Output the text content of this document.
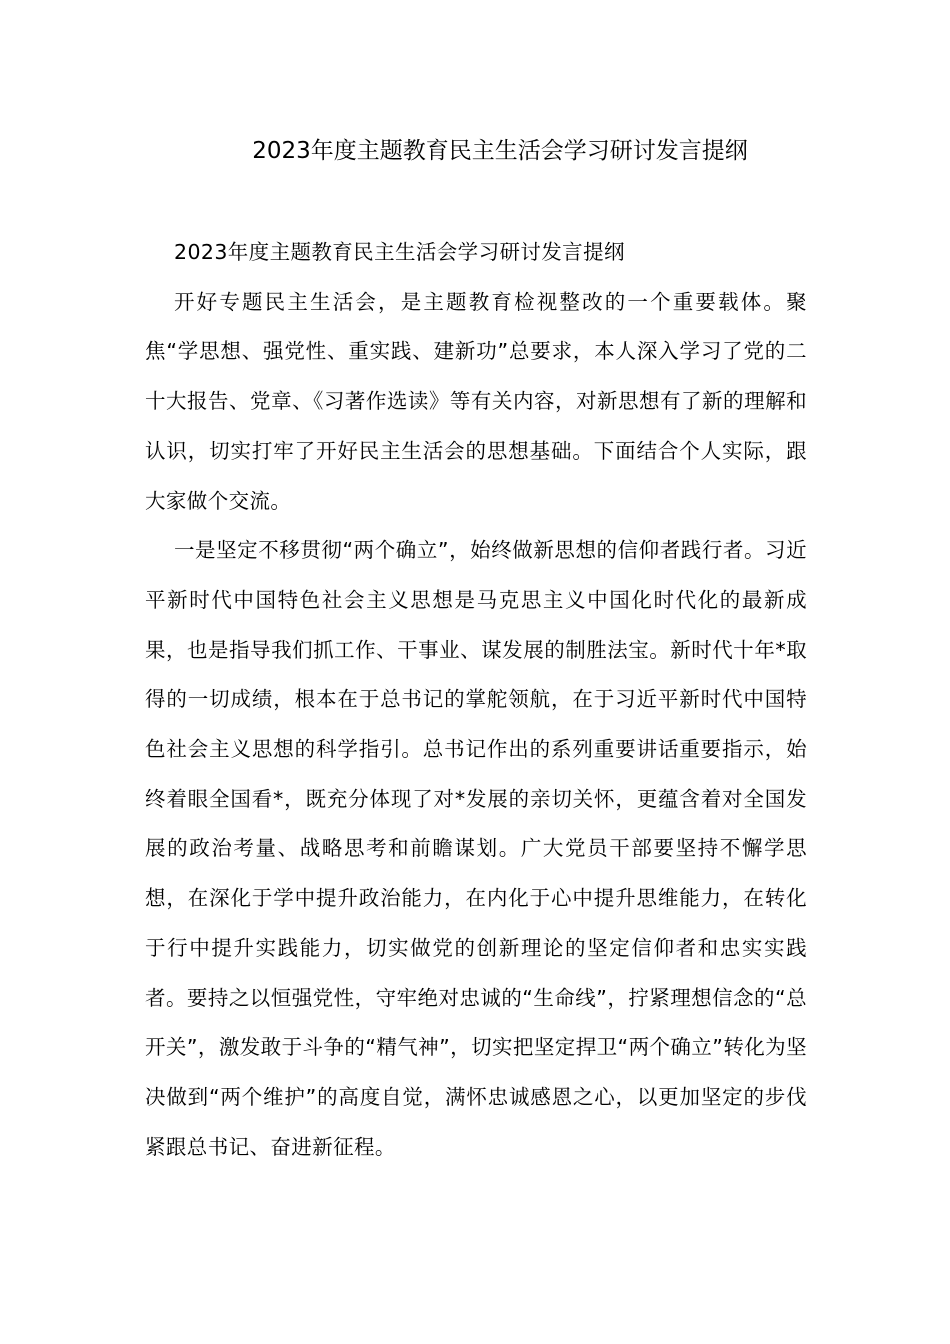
2023年度主题教育民主生活会学习研讨发言提纲

2023年度主题教育民主生活会学习研讨发言提纲

开好专题民主生活会，是主题教育检视整改的一个重要载体。聚焦“学思想、强党性、重实践、建新功”总要求，本人深入学习了党的二十大报告、党章、《习著作选读》等有关内容，对新思想有了新的理解和认识，切实打牢了开好民主生活会的思想基础。下面结合个人实际，跟大家做个交流。

一是坚定不移贯彻“两个确立”，始终做新思想的信仰者践行者。习近平新时代中国特色社会主义思想是马克思主义中国化时代化的最新成果，也是指导我们抓工作、干事业、谋发展的制胜法宝。新时代十年*取得的一切成绩，根本在于总书记的掌舵领航，在于习近平新时代中国特色社会主义思想的科学指引。总书记作出的系列重要讲话重要指示，始终着眼全国看*，既充分体现了对*发展的亲切关怀，更蕴含着对全国发展的政治考量、战略思考和前瞻谋划。广大党员干部要坚持不懈学思想，在深化于学中提升政治能力，在内化于心中提升思维能力，在转化于行中提升实践能力，切实做党的创新理论的坚定信仰者和忠实实践者。要持之以恒强党性，守牢绝对忠诚的“生命线”，拧紧理想信念的“总开关”，激发敢于斗争的“精气神”，切实把坚定捍卫“两个确立”转化为坚决做到“两个维护”的高度自觉，满怀忠诚感恩之心，以更加坚定的步伐紧跟总书记、奋进新征程。
